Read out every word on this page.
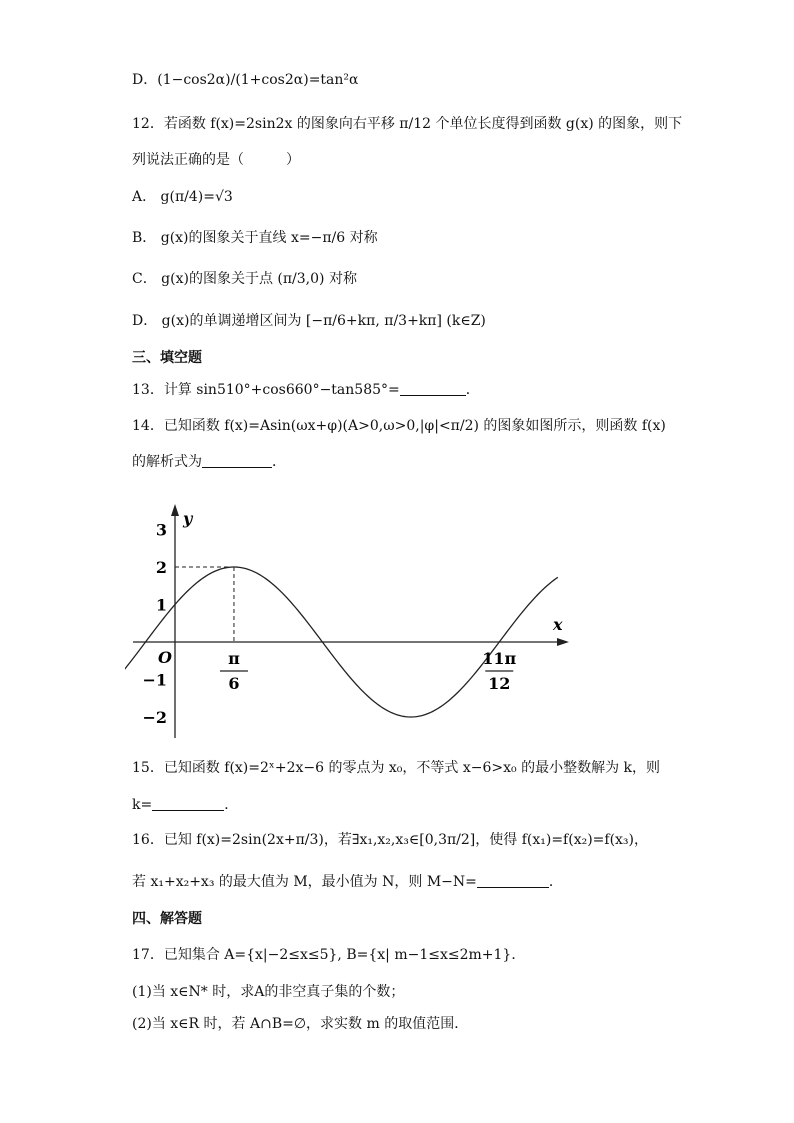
D．(1−cos2α)/(1+cos2α)=tan²α
12．若函数 f(x)=2sin2x 的图象向右平移 π/12 个单位长度得到函数 g(x) 的图象，则下
列说法正确的是（　　　）
A． g(π/4)=√3
B． g(x)的图象关于直线 x=−π/6 对称
C． g(x)的图象关于点 (π/3,0) 对称
D． g(x)的单调递增区间为 [−π/6+kπ, π/3+kπ] (k∈Z)
三、填空题
13．计算 sin510°+cos660°−tan585°=	．
14．已知函数 f(x)=Asin(ωx+φ)(A>0,ω>0,|φ|<π/2) 的图象如图所示，则函数 f(x)
的解析式为	．
x
y
O
3
2
1
−1
−2
π
6
11π
12
15．已知函数 f(x)=2ˣ+2x−6 的零点为 x₀，不等式 x−6>x₀ 的最小整数解为 k，则
k=	．
16．已知 f(x)=2sin(2x+π/3)，若∃x₁,x₂,x₃∈[0,3π/2]，使得 f(x₁)=f(x₂)=f(x₃)，
若 x₁+x₂+x₃ 的最大值为 M，最小值为 N，则 M−N=	．
四、解答题
17．已知集合 A={x|−2≤x≤5}, B={x| m−1≤x≤2m+1}．
(1)当 x∈N* 时，求A的非空真子集的个数；
(2)当 x∈R 时，若 A∩B=∅，求实数 m 的取值范围．
